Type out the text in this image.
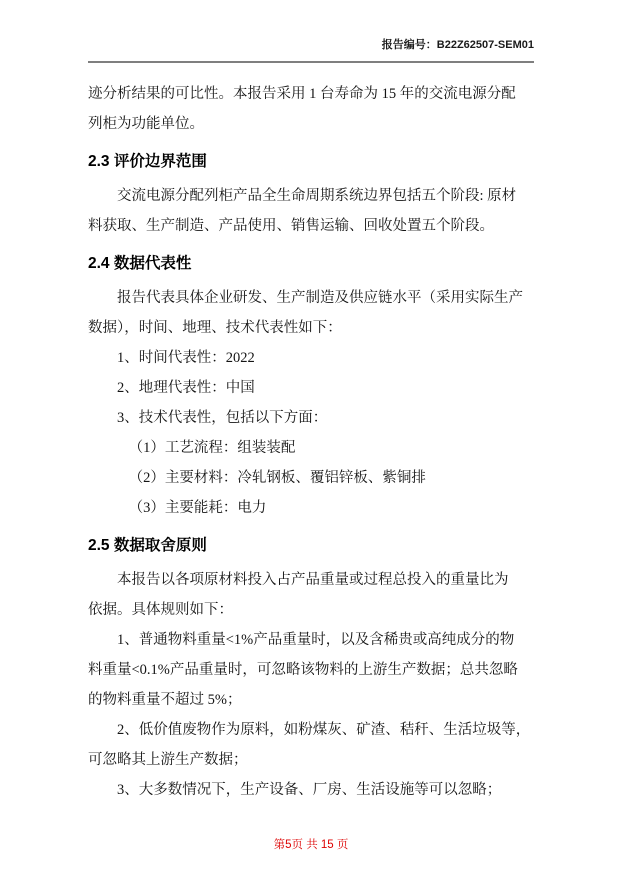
报告编号：B22Z62507-SEM01
迹分析结果的可比性。本报告采用 1 台寿命为 15 年的交流电源分配
列柜为功能单位。
2.3 评价边界范围
交流电源分配列柜产品全生命周期系统边界包括五个阶段: 原材
料获取、生产制造、产品使用、销售运输、回收处置五个阶段。
2.4 数据代表性
报告代表具体企业研发、生产制造及供应链水平（采用实际生产
数据），时间、地理、技术代表性如下：
1、时间代表性：2022
2、地理代表性：中国
3、技术代表性，包括以下方面：
（1）工艺流程：组装装配
（2）主要材料：冷轧钢板、覆铝锌板、紫铜排
（3）主要能耗：电力
2.5 数据取舍原则
本报告以各项原材料投入占产品重量或过程总投入的重量比为
依据。具体规则如下：
1、普通物料重量<1%产品重量时，以及含稀贵或高纯成分的物
料重量<0.1%产品重量时，可忽略该物料的上游生产数据；总共忽略
的物料重量不超过 5%；
2、低价值废物作为原料，如粉煤灰、矿渣、秸秆、生活垃圾等，
可忽略其上游生产数据；
3、大多数情况下，生产设备、厂房、生活设施等可以忽略；
第5页 共 15 页
